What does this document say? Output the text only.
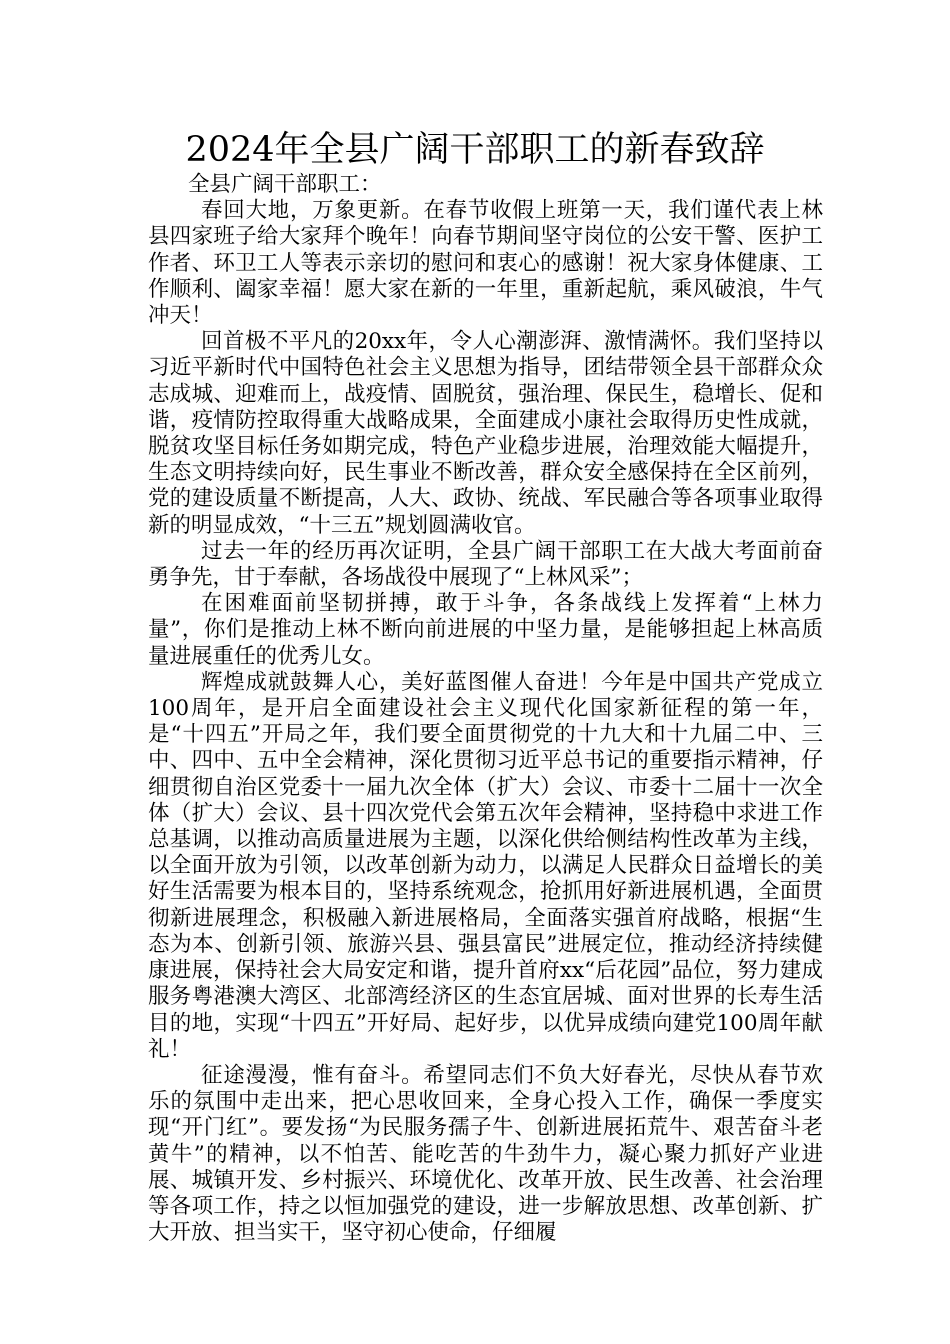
2024年全县广阔干部职工的新春致辞

全县广阔干部职工：

春回大地，万象更新。在春节收假上班第一天，我们谨代表上林县四家班子给大家拜个晚年！向春节期间坚守岗位的公安干警、医护工作者、环卫工人等表示亲切的慰问和衷心的感谢！祝大家身体健康、工作顺利、阖家幸福！愿大家在新的一年里，重新起航，乘风破浪，牛气冲天！

回首极不平凡的20xx年，令人心潮澎湃、激情满怀。我们坚持以习近平新时代中国特色社会主义思想为指导，团结带领全县干部群众众志成城、迎难而上，战疫情、固脱贫，强治理、保民生，稳增长、促和谐，疫情防控取得重大战略成果，全面建成小康社会取得历史性成就，脱贫攻坚目标任务如期完成，特色产业稳步进展，治理效能大幅提升，生态文明持续向好，民生事业不断改善，群众安全感保持在全区前列，党的建设质量不断提高，人大、政协、统战、军民融合等各项事业取得新的明显成效，“十三五”规划圆满收官。

过去一年的经历再次证明，全县广阔干部职工在大战大考面前奋勇争先，甘于奉献，各场战役中展现了“上林风采”；

在困难面前坚韧拼搏，敢于斗争，各条战线上发挥着“上林力量”，你们是推动上林不断向前进展的中坚力量，是能够担起上林高质量进展重任的优秀儿女。

辉煌成就鼓舞人心，美好蓝图催人奋进！今年是中国共产党成立100周年，是开启全面建设社会主义现代化国家新征程的第一年，是“十四五”开局之年，我们要全面贯彻党的十九大和十九届二中、三中、四中、五中全会精神，深化贯彻习近平总书记的重要指示精神，仔细贯彻自治区党委十一届九次全体（扩大）会议、市委十二届十一次全体（扩大）会议、县十四次党代会第五次年会精神，坚持稳中求进工作总基调，以推动高质量进展为主题，以深化供给侧结构性改革为主线，以全面开放为引领，以改革创新为动力，以满足人民群众日益增长的美好生活需要为根本目的，坚持系统观念，抢抓用好新进展机遇，全面贯彻新进展理念，积极融入新进展格局，全面落实强首府战略，根据“生态为本、创新引领、旅游兴县、强县富民”进展定位，推动经济持续健康进展，保持社会大局安定和谐，提升首府xx“后花园”品位，努力建成服务粤港澳大湾区、北部湾经济区的生态宜居城、面对世界的长寿生活目的地，实现“十四五”开好局、起好步，以优异成绩向建党100周年献礼！

征途漫漫，惟有奋斗。希望同志们不负大好春光，尽快从春节欢乐的氛围中走出来，把心思收回来，全身心投入工作，确保一季度实现“开门红”。要发扬“为民服务孺子牛、创新进展拓荒牛、艰苦奋斗老黄牛”的精神，以不怕苦、能吃苦的牛劲牛力，凝心聚力抓好产业进展、城镇开发、乡村振兴、环境优化、改革开放、民生改善、社会治理等各项工作，持之以恒加强党的建设，进一步解放思想、改革创新、扩大开放、担当实干，坚守初心使命，仔细履
